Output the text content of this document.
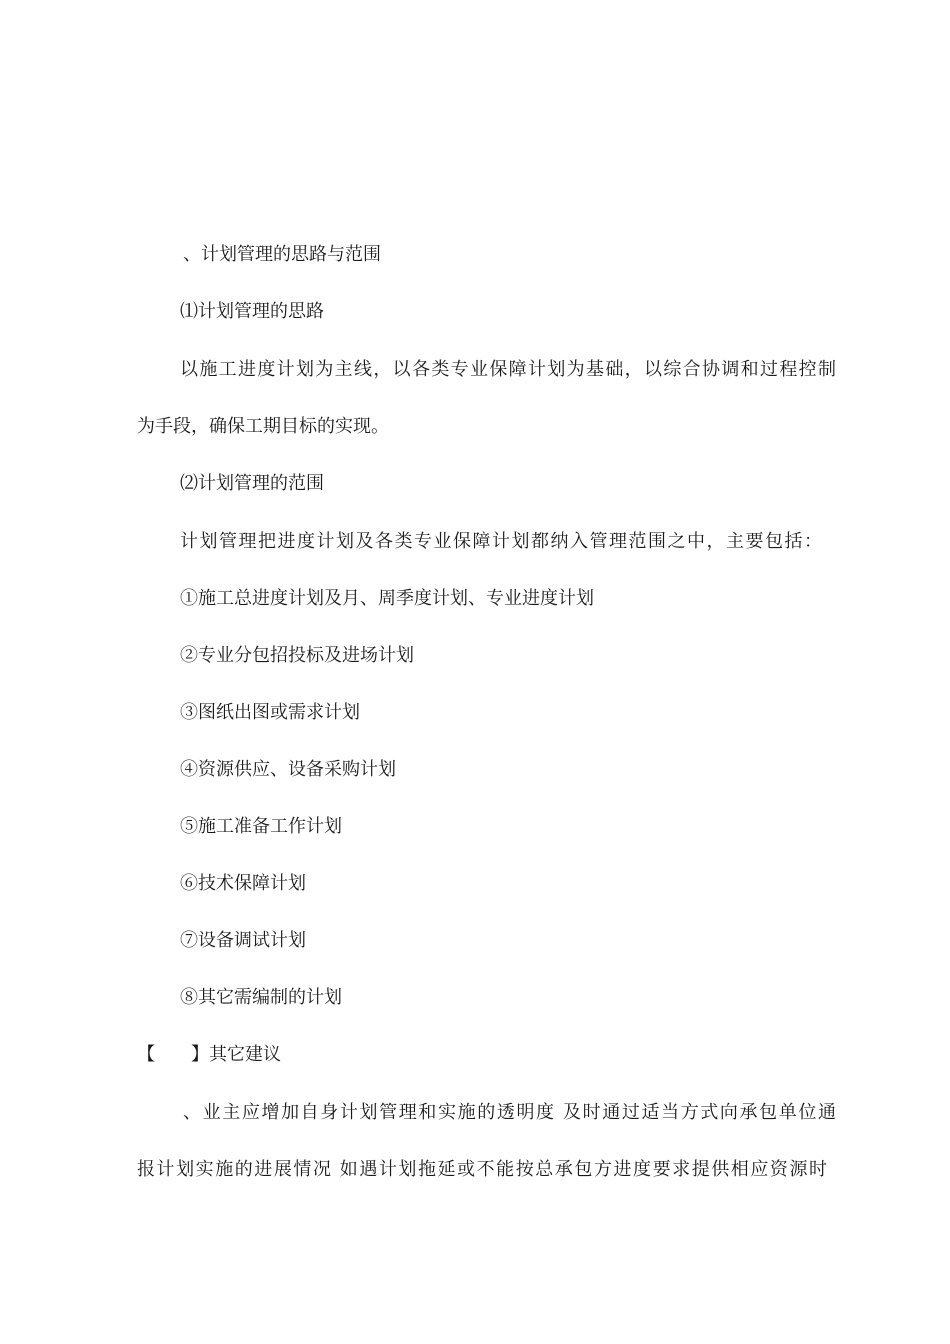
、计划管理的思路与范围

⑴计划管理的思路

以施工进度计划为主线，以各类专业保障计划为基础，以综合协调和过程控制

为手段，确保工期目标的实现。

⑵计划管理的范围

计划管理把进度计划及各类专业保障计划都纳入管理范围之中，主要包括：

①施工总进度计划及月、周季度计划、专业进度计划

②专业分包招投标及进场计划

③图纸出图或需求计划

④资源供应、设备采购计划

⑤施工准备工作计划

⑥技术保障计划

⑦设备调试计划

⑧其它需编制的计划

【　　】其它建议

、业主应增加自身计划管理和实施的透明度 及时通过适当方式向承包单位通

报计划实施的进展情况 如遇计划拖延或不能按总承包方进度要求提供相应资源时
